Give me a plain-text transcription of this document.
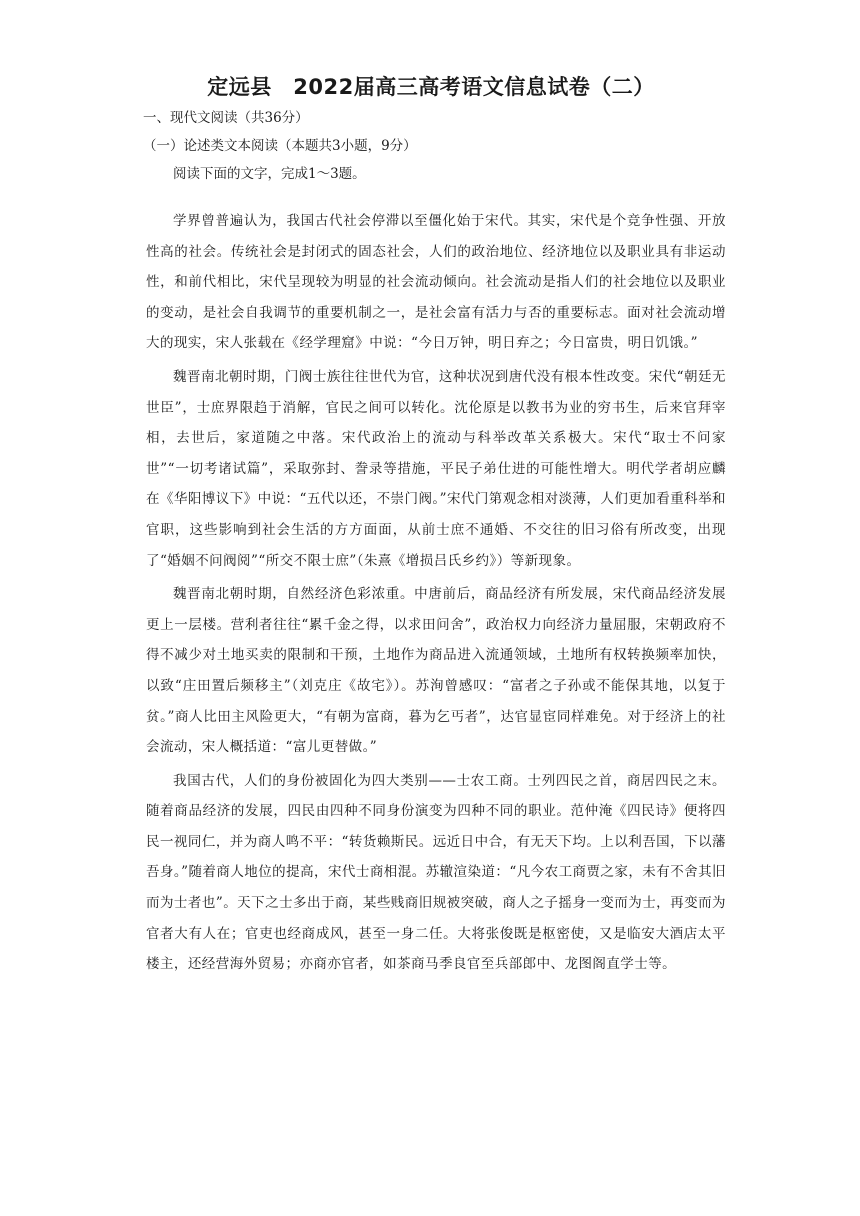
定远县　2022届高三高考语文信息试卷（二）
一、现代文阅读（共36分）
（一）论述类文本阅读（本题共3小题，9分）
阅读下面的文字，完成1～3题。

学界曾普遍认为，我国古代社会停滞以至僵化始于宋代。其实，宋代是个竞争性强、开放性高的社会。传统社会是封闭式的固态社会，人们的政治地位、经济地位以及职业具有非运动性，和前代相比，宋代呈现较为明显的社会流动倾向。社会流动是指人们的社会地位以及职业的变动，是社会自我调节的重要机制之一，是社会富有活力与否的重要标志。面对社会流动增大的现实，宋人张载在《经学理窟》中说：“今日万钟，明日弃之；今日富贵，明日饥饿。”

魏晋南北朝时期，门阀士族往往世代为官，这种状况到唐代没有根本性改变。宋代“朝廷无世臣”，士庶界限趋于消解，官民之间可以转化。沈伦原是以教书为业的穷书生，后来官拜宰相，去世后，家道随之中落。宋代政治上的流动与科举改革关系极大。宋代“取士不问家世”“一切考诸试篇”，采取弥封、誊录等措施，平民子弟仕进的可能性增大。明代学者胡应麟在《华阳博议下》中说：“五代以还，不崇门阀。”宋代门第观念相对淡薄，人们更加看重科举和官职，这些影响到社会生活的方方面面，从前士庶不通婚、不交往的旧习俗有所改变，出现了“婚姻不问阀阅”“所交不限士庶”（朱熹《增损吕氏乡约》）等新现象。

魏晋南北朝时期，自然经济色彩浓重。中唐前后，商品经济有所发展，宋代商品经济发展更上一层楼。营利者往往“累千金之得，以求田问舍”，政治权力向经济力量屈服，宋朝政府不得不减少对土地买卖的限制和干预，土地作为商品进入流通领域，土地所有权转换频率加快，以致“庄田置后频移主”（刘克庄《故宅》）。苏洵曾感叹：“富者之子孙或不能保其地，以复于贫。”商人比田主风险更大，“有朝为富商，暮为乞丐者”，达官显宦同样难免。对于经济上的社会流动，宋人概括道：“富儿更替做。”

我国古代，人们的身份被固化为四大类别——士农工商。士列四民之首，商居四民之末。随着商品经济的发展，四民由四种不同身份演变为四种不同的职业。范仲淹《四民诗》便将四民一视同仁，并为商人鸣不平：“转货赖斯民。远近日中合，有无天下均。上以利吾国，下以藩吾身。”随着商人地位的提高，宋代士商相混。苏辙渲染道：“凡今农工商贾之家，未有不舍其旧而为士者也”。天下之士多出于商，某些贱商旧规被突破，商人之子摇身一变而为士，再变而为官者大有人在；官吏也经商成风，甚至一身二任。大将张俊既是枢密使，又是临安大酒店太平楼主，还经营海外贸易；亦商亦官者，如茶商马季良官至兵部郎中、龙图阁直学士等。
